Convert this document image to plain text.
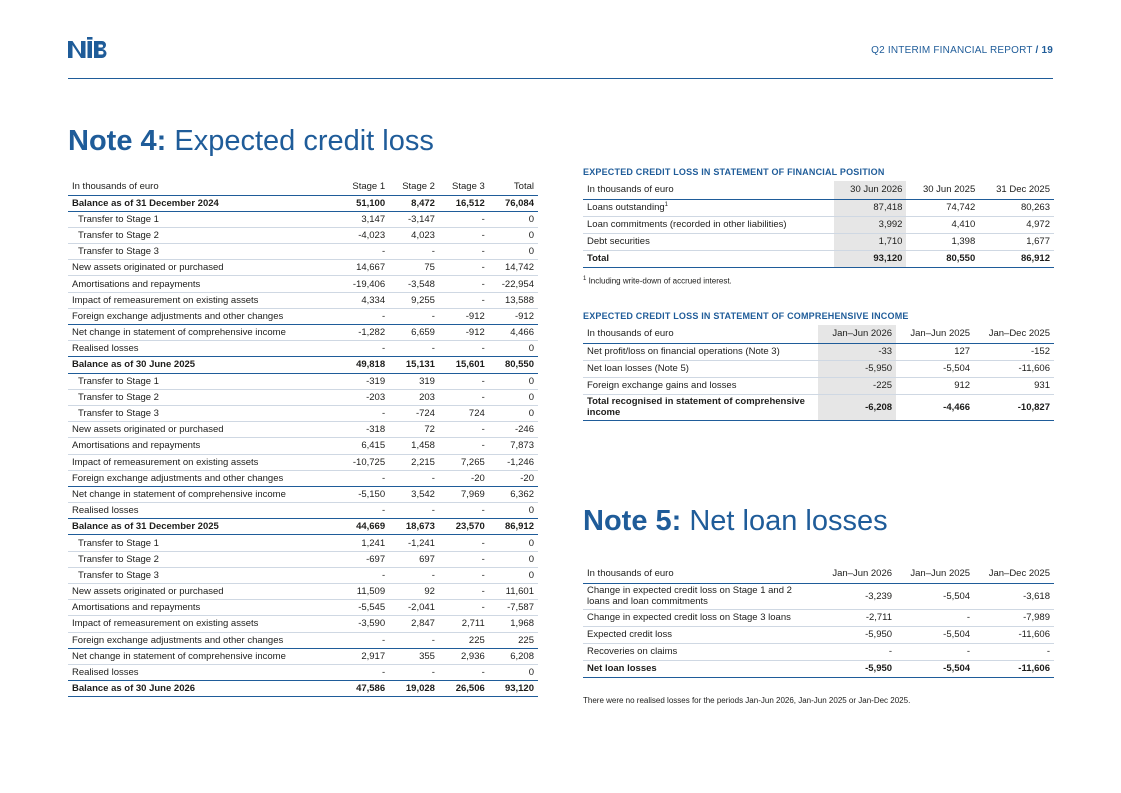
Q2 INTERIM FINANCIAL REPORT / 19
Note 4: Expected credit loss
In thousands of euro	Stage 1	Stage 2	Stage 3	Total
Balance as of 31 December 2024	51,100	8,472	16,512	76,084
Transfer to Stage 1	3,147	-3,147	-	0
Transfer to Stage 2	-4,023	4,023	-	0
Transfer to Stage 3	-	-	-	0
New assets originated or purchased	14,667	75	-	14,742
Amortisations and repayments	-19,406	-3,548	-	-22,954
Impact of remeasurement on existing assets	4,334	9,255	-	13,588
Foreign exchange adjustments and other changes	-	-	-912	-912
Net change in statement of comprehensive income	-1,282	6,659	-912	4,466
Realised losses	-	-	-	0
Balance as of 30 June 2025	49,818	15,131	15,601	80,550
Transfer to Stage 1	-319	319	-	0
Transfer to Stage 2	-203	203	-	0
Transfer to Stage 3	-	-724	724	0
New assets originated or purchased	-318	72	-	-246
Amortisations and repayments	6,415	1,458	-	7,873
Impact of remeasurement on existing assets	-10,725	2,215	7,265	-1,246
Foreign exchange adjustments and other changes	-	-	-20	-20
Net change in statement of comprehensive income	-5,150	3,542	7,969	6,362
Realised losses	-	-	-	0
Balance as of 31 December 2025	44,669	18,673	23,570	86,912
Transfer to Stage 1	1,241	-1,241	-	0
Transfer to Stage 2	-697	697	-	0
Transfer to Stage 3	-	-	-	0
New assets originated or purchased	11,509	92	-	11,601
Amortisations and repayments	-5,545	-2,041	-	-7,587
Impact of remeasurement on existing assets	-3,590	2,847	2,711	1,968
Foreign exchange adjustments and other changes	-	-	225	225
Net change in statement of comprehensive income	2,917	355	2,936	6,208
Realised losses	-	-	-	0
Balance as of 30 June 2026	47,586	19,028	26,506	93,120
EXPECTED CREDIT LOSS IN STATEMENT OF FINANCIAL POSITION
In thousands of euro	30 Jun 2026	30 Jun 2025	31 Dec 2025
Loans outstanding$^1$	87,418	74,742	80,263
Loan commitments (recorded in other liabilities)	3,992	4,410	4,972
Debt securities	1,710	1,398	1,677
Total	93,120	80,550	86,912
$^1$ Including write-down of accrued interest.
EXPECTED CREDIT LOSS IN STATEMENT OF COMPREHENSIVE INCOME
In thousands of euro	Jan–Jun 2026	Jan–Jun 2025	Jan–Dec 2025
Net profit/loss on financial operations (Note 3)	-33	127	-152
Net loan losses (Note 5)	-5,950	-5,504	-11,606
Foreign exchange gains and losses	-225	912	931
Total recognised in statement of comprehensive income	-6,208	-4,466	-10,827
Note 5: Net loan losses
In thousands of euro	Jan–Jun 2026	Jan–Jun 2025	Jan–Dec 2025
Change in expected credit loss on Stage 1 and 2 loans and loan commitments	-3,239	-5,504	-3,618
Change in expected credit loss on Stage 3 loans	-2,711	-	-7,989
Expected credit loss	-5,950	-5,504	-11,606
Recoveries on claims	-	-	-
Net loan losses	-5,950	-5,504	-11,606
There were no realised losses for the periods Jan-Jun 2026, Jan-Jun 2025 or Jan-Dec 2025.
